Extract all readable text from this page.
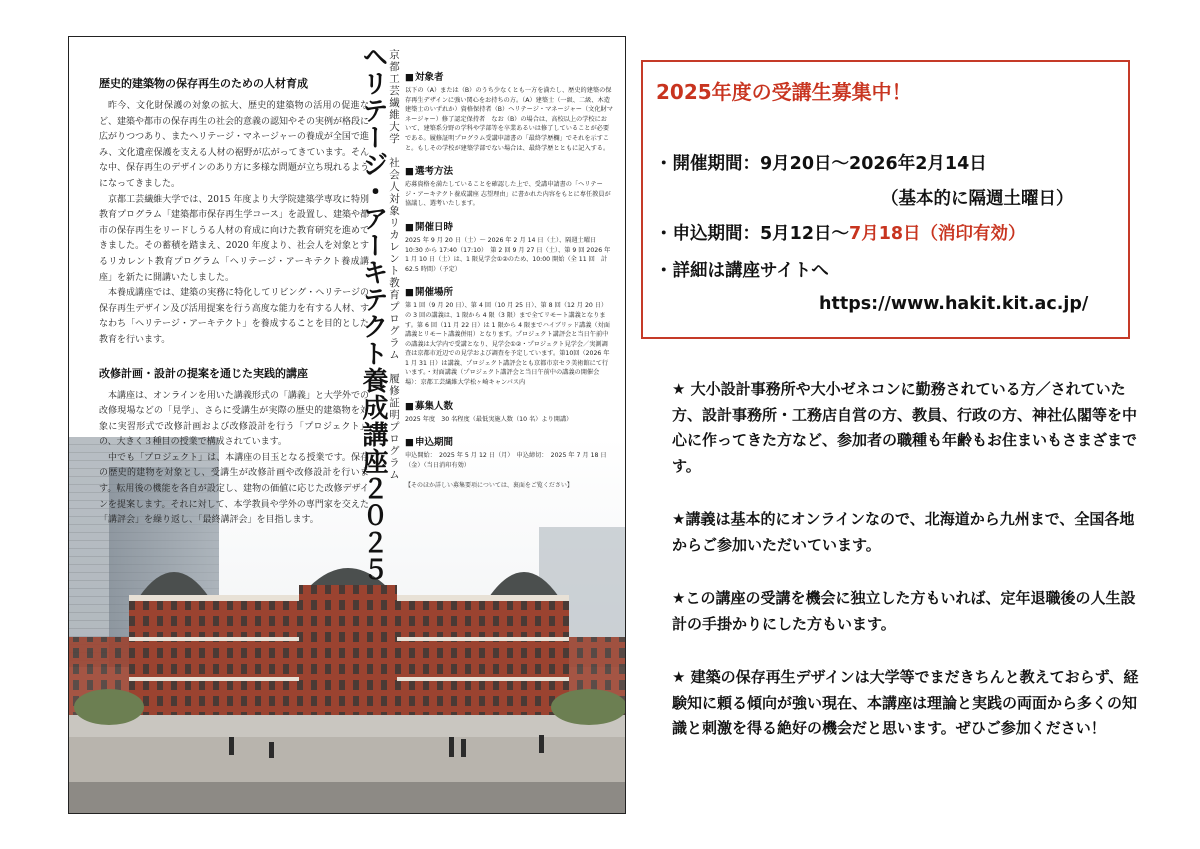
歴史的建築物の保存再生のための人材育成

昨今、文化財保護の対象の拡大、歴史的建築物の活用の促進など、建築や都市の保存再生の社会的意義の認知やその実例が格段に広がりつつあり、またヘリテージ・マネージャーの養成が全国で進み、文化遺産保護を支える人材の裾野が広がってきています。そんな中、保存再生のデザインのあり方に多様な問題が立ち現れるようになってきました。

京都工芸繊維大学では、2015 年度より大学院建築学専攻に特別教育プログラム「建築都市保存再生学コース」を設置し、建築や都市の保存再生をリードしうる人材の育成に向けた教育研究を進めてきました。その蓄積を踏まえ、2020 年度より、社会人を対象とするリカレント教育プログラム「ヘリテージ・アーキテクト養成講座」を新たに開講いたしました。

本養成講座では、建築の実務に特化してリビング・ヘリテージの保存再生デザイン及び活用提案を行う高度な能力を有する人材、すなわち「ヘリテージ・アーキテクト」を養成することを目的とした教育を行います。

改修計画・設計の提案を通じた実践的講座

本講座は、オンラインを用いた講義形式の「講義」と大学外での改修現場などの「見学」、さらに受講生が実際の歴史的建築物を対象に実習形式で改修計画および改修設計を行う「プロジェクト」の、大きく３種目の授業で構成されています。

中でも「プロジェクト」は、本講座の目玉となる授業です。保存の歴史的建物を対象とし、受講生が改修計画や改修設計を行います。転用後の機能を各自が設定し、建物の価値に応じた改修デザインを提案します。それに対して、本学教員や学外の専門家を交えた「講評会」を繰り返し、「最終講評会」を目指します。	ヘリテージ・アーキテクト養成講座２０２５ 京都工芸繊維大学　社会人対象リカレント教育プログラム　履修証明プログラム
■	対象者

以下の（A）または（B）のうち少なくとも一方を満たし、歴史的建築の保存再生デザインに強い関心をお持ちの方。（A）建築士（一級、二級、木造建築士のいずれか）資格保持者（B）ヘリテージ・マネージャー（文化財マネージャー）修了認定保持者　なお（B）の場合は、高校以上の学校において、建築系分野の学科や学部等を卒業あるいは修了していることが必要である。履修証明プログラム受講申請書の「最終学歴欄」でそれを示すこと。もしその学校が建築学部でない場合は、最終学歴とともに記入する。

■ 選考方法

応募資格を満たしていることを確認した上で、受講申請書の「ヘリテージ・アーキテクト養成講座 志望理由」に書かれた内容をもとに専任教員が協議し、選考いたします。

■ 開催日時

2025 年 9 月 20 日（土）〜 2026 年 2 月 14 日（土）、隔週土曜日　10:30 から 17:40（17:10）　第 2 回 9 月 27 日（土）、第 9 回 2026 年 1 月 10 日（土）は、1 限見学会①②のため、10:00 開始（全 11 回　計 62.5 時間）（予定）

■ 開催場所

第 1 回（9 月 20 日）、第 4 回（10 月 25 日）、第 8 回（12 月 20 日）の 3 回の講義は、1 限から 4 限（3 限）まで全てリモート講義となります。第 6 回（11 月 22 日）は 1 限から 4 限までハイブリッド講義（対面講義とリモート講義併用）となります。プロジェクト講評会と当日午前中の講義は大学内で受講となり、見学会①②・プロジェクト見学会／実測調査は京都市近辺での見学および調査を予定しています。第10回（2026 年 1 月 31 日）は講義、プロジェクト講評会とも京都市京セラ美術館にて行います。・対面講義（プロジェクト講評会と当日午前中の講義の開催会場）：京都工芸繊維大学松ヶ崎キャンパス内

■ 募集人数

2025 年度　30 名程度（最低実施人数（10 名）より開講）

■ 申込期間

申込開始：　2025 年 5 月 12 日（月）　申込締切：　2025 年 7 月 18 日（金）（当日消印有効）

【そのほか詳しい募集要項については、裏面をご覧ください】
2025年度の受講生募集中！
・開催期間：9月20日〜2026年2月14日
（基本的に隔週土曜日）
・申込期間：5月12日〜7月18日（消印有効）
・詳細は講座サイトへ
https://www.hakit.kit.ac.jp/
★ 大小設計事務所や大小ゼネコンに勤務されている方／されていた方、設計事務所・工務店自営の方、教員、行政の方、神社仏閣等を中心に作ってきた方など、参加者の職種も年齢もお住まいもさまざまです。
★講義は基本的にオンラインなので、北海道から九州まで、全国各地からご参加いただいています。
★この講座の受講を機会に独立した方もいれば、定年退職後の人生設計の手掛かりにした方もいます。
★ 建築の保存再生デザインは大学等でまだきちんと教えておらず、経験知に頼る傾向が強い現在、本講座は理論と実践の両面から多くの知識と刺激を得る絶好の機会だと思います。ぜひご参加ください！
